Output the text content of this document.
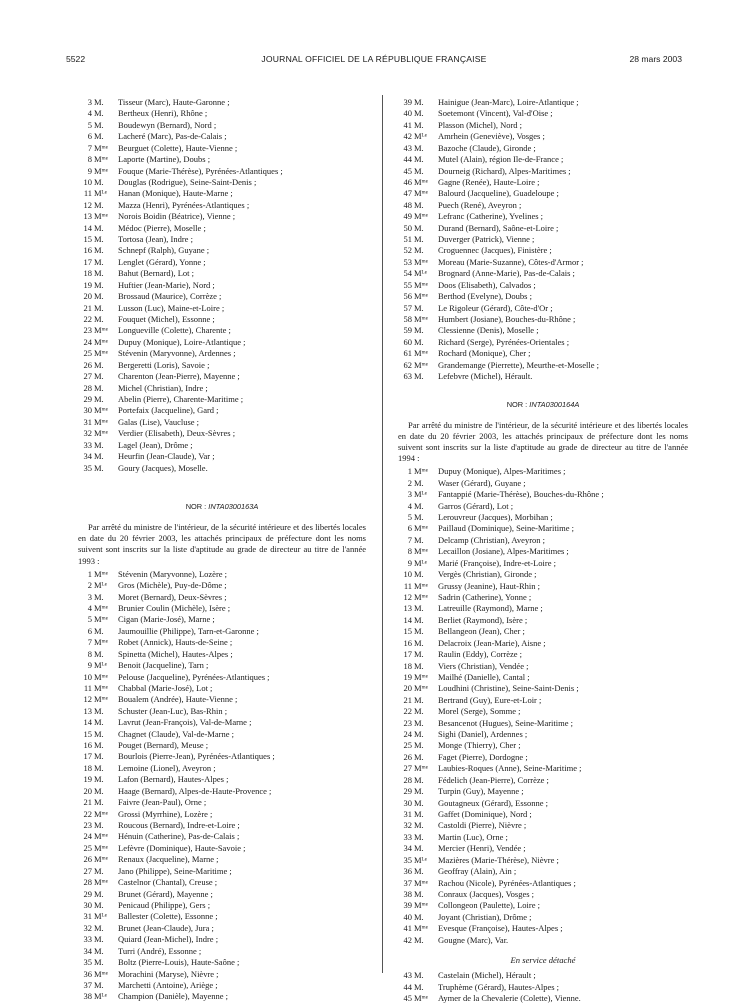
5522	JOURNAL OFFICIEL DE LA RÉPUBLIQUE FRANÇAISE	28 mars 2003
3 M. Tisseur (Marc), Haute-Garonne ;
4 M. Bertheux (Henri), Rhône ;
5 M. Boudewyn (Bernard), Nord ;
6 M. Lacheré (Marc), Pas-de-Calais ;
7 Mᵐᵉ Beurguet (Colette), Haute-Vienne ;
8 Mᵐᵉ Laporte (Martine), Doubs ;
9 Mᵐᵉ Fouque (Marie-Thérèse), Pyrénées-Atlantiques ;
10 M. Douglas (Rodrigue), Seine-Saint-Denis ;
11 Mᴸᵉ Hanan (Monique), Haute-Marne ;
12 M. Mazza (Henri), Pyrénées-Atlantiques ;
13 Mᵐᵉ Norois Boidin (Béatrice), Vienne ;
14 M. Médoc (Pierre), Moselle ;
15 M. Tortosa (Jean), Indre ;
16 M. Schnepf (Ralph), Guyane ;
17 M. Lenglet (Gérard), Yonne ;
18 M. Bahut (Bernard), Lot ;
19 M. Huftier (Jean-Marie), Nord ;
20 M. Brossaud (Maurice), Corrèze ;
21 M. Lusson (Luc), Maine-et-Loire ;
22 M. Fouquet (Michel), Essonne ;
23 Mᵐᵉ Longueville (Colette), Charente ;
24 Mᵐᵉ Dupuy (Monique), Loire-Atlantique ;
25 Mᵐᵉ Stévenin (Maryvonne), Ardennes ;
26 M. Bergeretti (Loris), Savoie ;
27 M. Charenton (Jean-Pierre), Mayenne ;
28 M. Michel (Christian), Indre ;
29 M. Abelin (Pierre), Charente-Maritime ;
30 Mᵐᵉ Portefaix (Jacqueline), Gard ;
31 Mᵐᵉ Galas (Lise), Vaucluse ;
32 Mᵐᵉ Verdier (Elisabeth), Deux-Sèvres ;
33 M. Lagel (Jean), Drôme ;
34 M. Heurfin (Jean-Claude), Var ;
35 M. Goury (Jacques), Moselle.
NOR : INTA0300163A

Par arrêté du ministre de l'intérieur, de la sécurité intérieure et des libertés locales en date du 20 février 2003, les attachés principaux de préfecture dont les noms suivent sont inscrits sur la liste d'aptitude au grade de directeur au titre de l'année 1993 :

1 Mᵐᵉ Stévenin (Maryvonne), Lozère ;
2 Mᴸᵉ Gros (Michèle), Puy-de-Dôme ;
3 M. Moret (Bernard), Deux-Sèvres ;
4 Mᵐᵉ Brunier Coulin (Michèle), Isère ;
5 Mᵐᵉ Cigan (Marie-José), Marne ;
6 M. Jaumouillie (Philippe), Tarn-et-Garonne ;
7 Mᵐᵉ Robet (Annick), Hauts-de-Seine ;
8 M. Spinetta (Michel), Hautes-Alpes ;
9 Mᴸᵉ Benoit (Jacqueline), Tarn ;
10 Mᵐᵉ Pelouse (Jacqueline), Pyrénées-Atlantiques ;
11 Mᵐᵉ Chabbal (Marie-José), Lot ;
12 Mᵐᵉ Boualem (Andrée), Haute-Vienne ;
13 M. Schuster (Jean-Luc), Bas-Rhin ;
14 M. Lavrut (Jean-François), Val-de-Marne ;
15 M. Chagnet (Claude), Val-de-Marne ;
16 M. Pouget (Bernard), Meuse ;
17 M. Bourlois (Pierre-Jean), Pyrénées-Atlantiques ;
18 M. Lemoine (Lionel), Aveyron ;
19 M. Lafon (Bernard), Hautes-Alpes ;
20 M. Haage (Bernard), Alpes-de-Haute-Provence ;
21 M. Faivre (Jean-Paul), Orne ;
22 Mᵐᵉ Grossi (Myrrhine), Lozère ;
23 M. Roucous (Bernard), Indre-et-Loire ;
24 Mᵐᵉ Hénuin (Catherine), Pas-de-Calais ;
25 Mᵐᵉ Lefèvre (Dominique), Haute-Savoie ;
26 Mᵐᵉ Renaux (Jacqueline), Marne ;
27 M. Jano (Philippe), Seine-Maritime ;
28 Mᵐᵉ Castelnor (Chantal), Creuse ;
29 M. Brunet (Gérard), Mayenne ;
30 M. Penicaud (Philippe), Gers ;
31 Mᴸᵉ Ballester (Colette), Essonne ;
32 M. Brunet (Jean-Claude), Jura ;
33 M. Quiard (Jean-Michel), Indre ;
34 M. Turri (André), Essonne ;
35 M. Boltz (Pierre-Louis), Haute-Saône ;
36 Mᵐᵉ Morachini (Maryse), Nièvre ;
37 M. Marchetti (Antoine), Ariège ;
38 Mᴸᵉ Champion (Danièle), Mayenne ;
39 M. Hainigue (Jean-Marc), Loire-Atlantique ;
40 M. Soetemont (Vincent), Val-d'Oise ;
41 M. Plasson (Michel), Nord ;
42 Mᴸᵉ Amrhein (Geneviève), Vosges ;
43 M. Bazoche (Claude), Gironde ;
44 M. Mutel (Alain), région Ile-de-France ;
45 M. Dourneig (Richard), Alpes-Maritimes ;
46 Mᵐᵉ Gagne (Renée), Haute-Loire ;
47 Mᵐᵉ Balourd (Jacqueline), Guadeloupe ;
48 M. Puech (René), Aveyron ;
49 Mᵐᵉ Lefranc (Catherine), Yvelines ;
50 M. Durand (Bernard), Saône-et-Loire ;
51 M. Duverger (Patrick), Vienne ;
52 M. Croguennec (Jacques), Finistère ;
53 Mᵐᵉ Moreau (Marie-Suzanne), Côtes-d'Armor ;
54 Mᴸᵉ Brognard (Anne-Marie), Pas-de-Calais ;
55 Mᵐᵉ Doos (Elisabeth), Calvados ;
56 Mᵐᵉ Berthod (Evelyne), Doubs ;
57 M. Le Rigoleur (Gérard), Côte-d'Or ;
58 Mᵐᵉ Humbert (Josiane), Bouches-du-Rhône ;
59 M. Clessienne (Denis), Moselle ;
60 M. Richard (Serge), Pyrénées-Orientales ;
61 Mᵐᵉ Rochard (Monique), Cher ;
62 Mᵐᵉ Grandemange (Pierrette), Meurthe-et-Moselle ;
63 M. Lefebvre (Michel), Hérault.
NOR : INTA0300164A

Par arrêté du ministre de l'intérieur, de la sécurité intérieure et des libertés locales en date du 20 février 2003, les attachés principaux de préfecture dont les noms suivent sont inscrits sur la liste d'aptitude au grade de directeur au titre de l'année 1994 :

1 Mᵐᵉ Dupuy (Monique), Alpes-Maritimes ;
2 M. Waser (Gérard), Guyane ;
3 Mᴸᵉ Fantappié (Marie-Thérèse), Bouches-du-Rhône ;
4 M. Garros (Gérard), Lot ;
5 M. Lerouvreur (Jacques), Morbihan ;
6 Mᵐᵉ Paillaud (Dominique), Seine-Maritime ;
7 M. Delcamp (Christian), Aveyron ;
8 Mᵐᵉ Lecaillon (Josiane), Alpes-Maritimes ;
9 Mᴸᵉ Marié (Françoise), Indre-et-Loire ;
10 M. Vergès (Christian), Gironde ;
11 Mᵐᵉ Grussy (Jeanine), Haut-Rhin ;
12 Mᵐᵉ Sadrin (Catherine), Yonne ;
13 M. Latreuille (Raymond), Marne ;
14 M. Berliet (Raymond), Isère ;
15 M. Bellangeon (Jean), Cher ;
16 M. Delacroix (Jean-Marie), Aisne ;
17 M. Raulin (Eddy), Corrèze ;
18 M. Viers (Christian), Vendée ;
19 Mᵐᵉ Mailhé (Danielle), Cantal ;
20 Mᵐᵉ Loudhini (Christine), Seine-Saint-Denis ;
21 M. Bertrand (Guy), Eure-et-Loir ;
22 M. Morel (Serge), Somme ;
23 M. Besancenot (Hugues), Seine-Maritime ;
24 M. Sighi (Daniel), Ardennes ;
25 M. Monge (Thierry), Cher ;
26 M. Faget (Pierre), Dordogne ;
27 Mᵐᵉ Laubies-Roques (Anne), Seine-Maritime ;
28 M. Fédelich (Jean-Pierre), Corrèze ;
29 M. Turpin (Guy), Mayenne ;
30 M. Goutagneux (Gérard), Essonne ;
31 M. Gaffet (Dominique), Nord ;
32 M. Castoldi (Pierre), Nièvre ;
33 M. Martin (Luc), Orne ;
34 M. Mercier (Henri), Vendée ;
35 Mᴸᵉ Mazières (Marie-Thérèse), Nièvre ;
36 M. Geoffray (Alain), Ain ;
37 Mᵐᵉ Rachou (Nicole), Pyrénées-Atlantiques ;
38 M. Conraux (Jacques), Vosges ;
39 Mᵐᵉ Collongeon (Paulette), Loire ;
40 M. Joyant (Christian), Drôme ;
41 Mᵐᵉ Evesque (Françoise), Hautes-Alpes ;
42 M. Gougne (Marc), Var.
En service détaché
43 M. Castelain (Michel), Hérault ;
44 M. Truphème (Gérard), Hautes-Alpes ;
45 Mᵐᵉ Aymer de la Chevalerie (Colette), Vienne.
